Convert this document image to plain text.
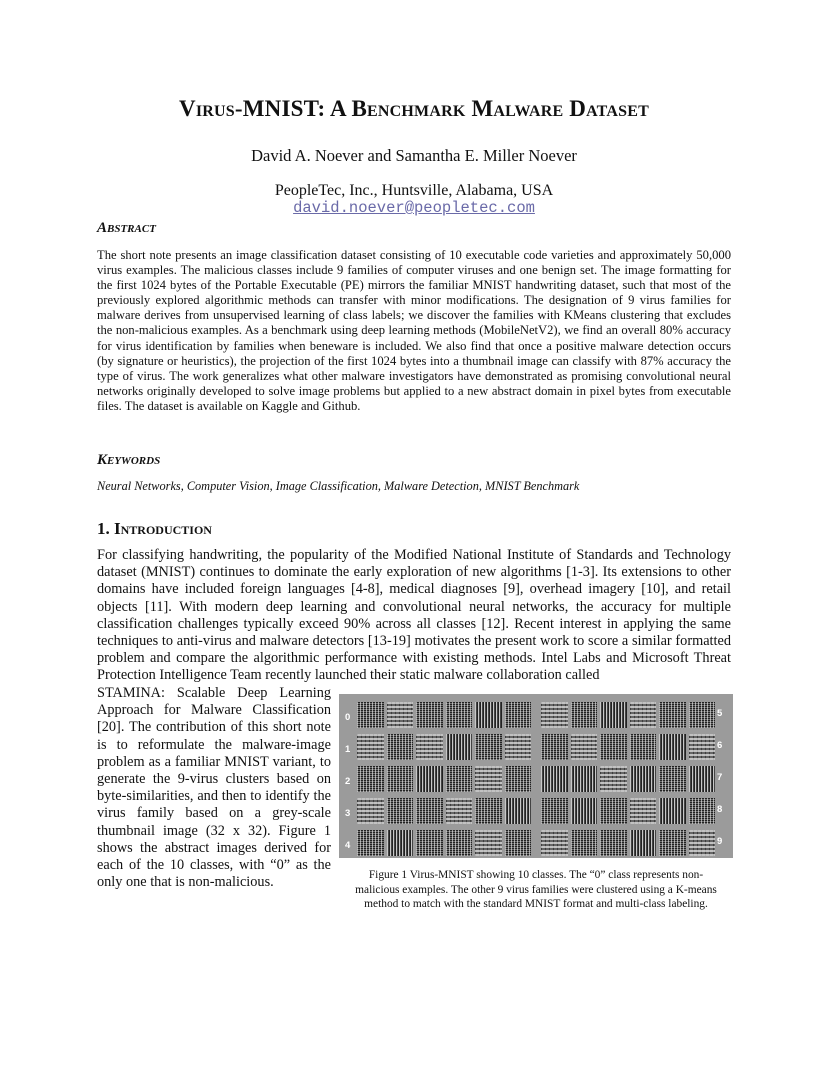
Virus-MNIST: A Benchmark Malware Dataset
David A. Noever and Samantha E. Miller Noever
PeopleTec, Inc., Huntsville, Alabama, USA
david.noever@peopletec.com
Abstract
The short note presents an image classification dataset consisting of 10 executable code varieties and approximately 50,000 virus examples. The malicious classes include 9 families of computer viruses and one benign set. The image formatting for the first 1024 bytes of the Portable Executable (PE) mirrors the familiar MNIST handwriting dataset, such that most of the previously explored algorithmic methods can transfer with minor modifications. The designation of 9 virus families for malware derives from unsupervised learning of class labels; we discover the families with KMeans clustering that excludes the non-malicious examples. As a benchmark using deep learning methods (MobileNetV2), we find an overall 80% accuracy for virus identification by families when beneware is included. We also find that once a positive malware detection occurs (by signature or heuristics), the projection of the first 1024 bytes into a thumbnail image can classify with 87% accuracy the type of virus. The work generalizes what other malware investigators have demonstrated as promising convolutional neural networks originally developed to solve image problems but applied to a new abstract domain in pixel bytes from executable files. The dataset is available on Kaggle and Github.
Keywords
Neural Networks, Computer Vision, Image Classification, Malware Detection, MNIST Benchmark
1. Introduction
For classifying handwriting, the popularity of the Modified National Institute of Standards and Technology dataset (MNIST) continues to dominate the early exploration of new algorithms [1-3]. Its extensions to other domains have included foreign languages [4-8], medical diagnoses [9], overhead imagery [10], and retail objects [11]. With modern deep learning and convolutional neural networks, the accuracy for multiple classification challenges typically exceed 90% across all classes [12]. Recent interest in applying the same techniques to anti-virus and malware detectors [13-19] motivates the present work to score a similar formatted problem and compare the algorithmic performance with existing methods. Intel Labs and Microsoft Threat Protection Intelligence Team recently launched their static malware collaboration called
STAMINA: Scalable Deep Learning Approach for Malware Classification [20]. The contribution of this short note is to reformulate the malware-image problem as a familiar MNIST variant, to generate the 9-virus clusters based on byte-similarities, and then to identify the virus family based on a grey-scale thumbnail image (32 x 32). Figure 1 shows the abstract images derived for each of the 10 classes, with “0” as the only one that is non-malicious.
0
1
2
3
4
5
6
7
8
9
Figure 1 Virus-MNIST showing 10 classes. The “0” class represents non-malicious examples. The other 9 virus families were clustered using a K-means method to match with the standard MNIST format and multi-class labeling.
